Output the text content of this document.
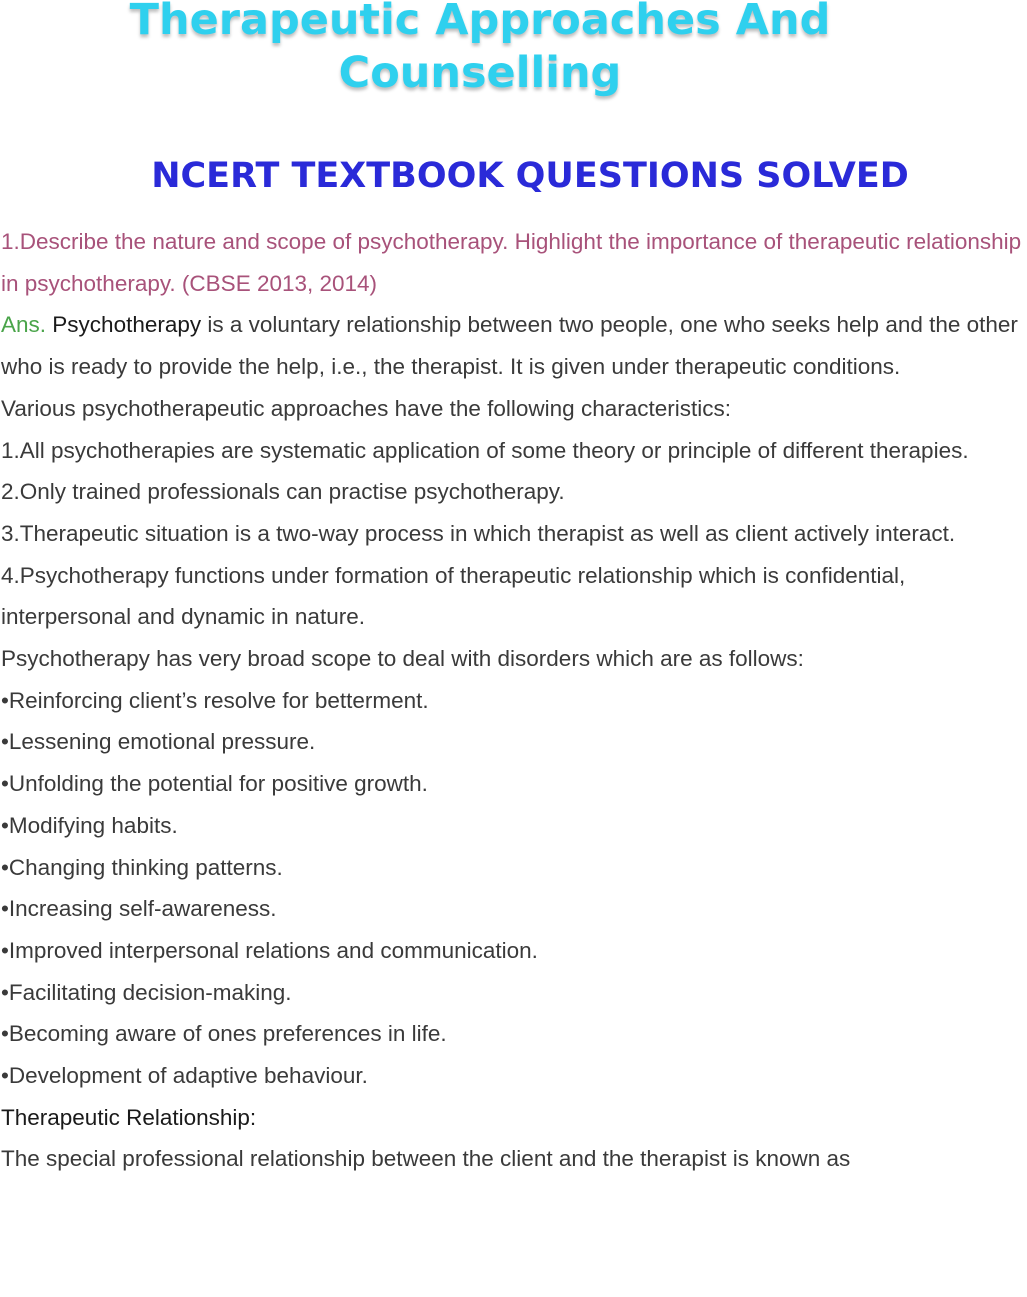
Therapeutic Approaches And Counselling
NCERT TEXTBOOK QUESTIONS SOLVED

1.Describe the nature and scope of psychotherapy. Highlight the importance of therapeutic relationship in psychotherapy. (CBSE 2013, 2014)

Ans. Psychotherapy is a voluntary relationship between two people, one who seeks help and the other who is ready to provide the help, i.e., the therapist. It is given under therapeutic conditions.

Various psychotherapeutic approaches have the following characteristics:

1.All psychotherapies are systematic application of some theory or principle of different therapies.

2.Only trained professionals can practise psychotherapy.

3.Therapeutic situation is a two-way process in which therapist as well as client actively interact.

4.Psychotherapy functions under formation of therapeutic relationship which is confidential, interpersonal and dynamic in nature.

Psychotherapy has very broad scope to deal with disorders which are as follows:

•Reinforcing client’s resolve for betterment.

•Lessening emotional pressure.

•Unfolding the potential for positive growth.

•Modifying habits.

•Changing thinking patterns.

•Increasing self-awareness.

•Improved interpersonal relations and communication.

•Facilitating decision-making.

•Becoming aware of ones preferences in life.

•Development of adaptive behaviour.

Therapeutic Relationship:

The special professional relationship between the client and the therapist is known as
